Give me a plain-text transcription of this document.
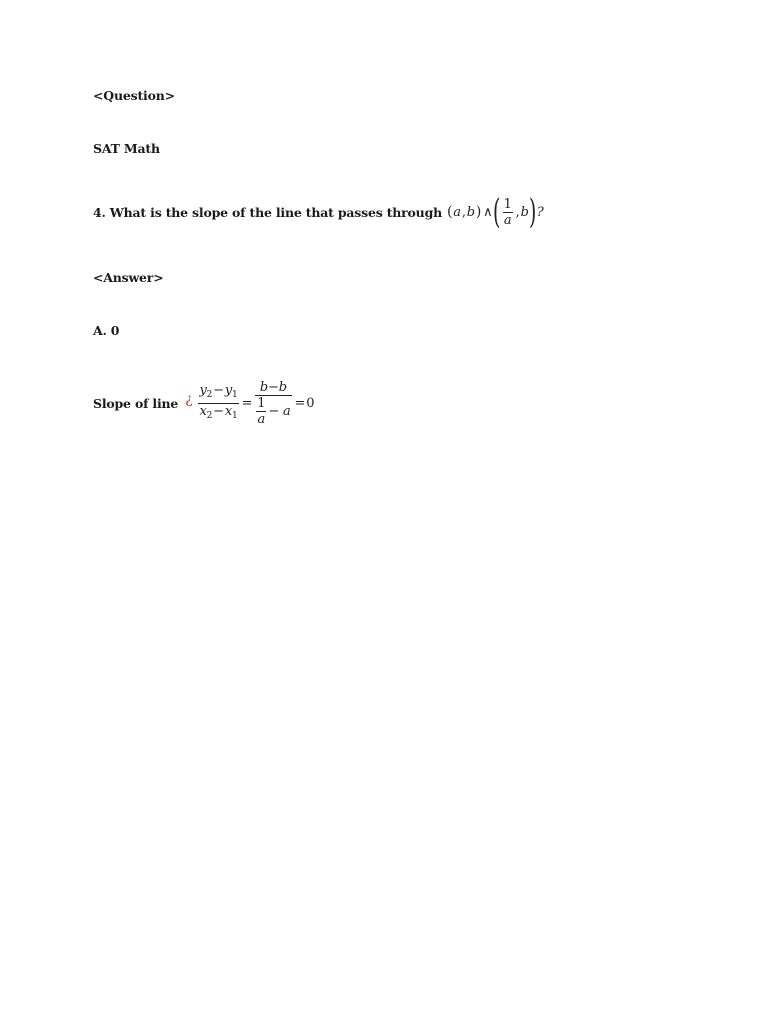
<Question>
SAT Math
4. What is the slope of the line that passes through ( a , b ) ∧ ( $\frac{1}{a}$ , b ) ?
<Answer>
A. 0
Slope of line ¿ $\frac{y_2-y_1}{x_2-x_1} = \frac{b-b}{\frac{1}{a} - a} = 0$
